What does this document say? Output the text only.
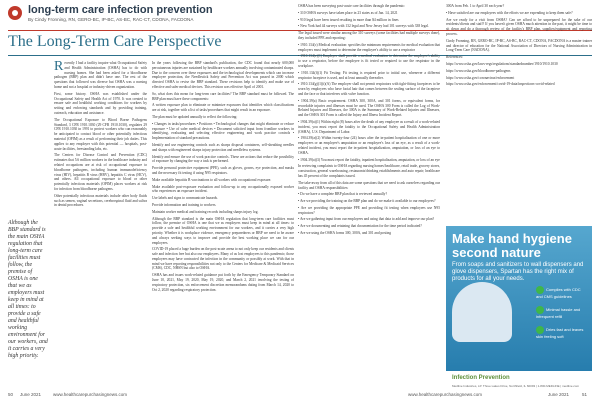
long-term care infection prevention
By Cindy Fronning, RN, GERO-BC, IP-BC, AS-BC, RAC-CT, CDONA, FACDONA
The Long-Term Care Perspective
Although the BBP standard is the main OSHA regulation that long-term care facilities must follow, the premise of OSHA is one that we as employers must keep in mind at all times: to provide a safe and healthful working environment for our workers, and it carries a very high priority.

Recently I had a facility inquire what Occupational Safety and Health Administration (OSHA) has to do with nursing homes. She had been asked for a bloodborne pathogen (BBP) plan and didn't have one. The rest of the questions that followed was diverse but OSHA was a nursing home and not a hospital or industry-driven organization.

First, some history. OSHA was established under the Occupational Safety and Health Act of 1970. It was created to ensure safe and healthful working conditions for workers by setting and enforcing standards and by providing training, outreach, education and assistance.

The Occupational Exposure to Blood Borne Pathogens Standard, 3 CFR 1910.1030 (29 CFR 1910.1030), regulates 29 CFR 1910.1030 in 1991 to protect workers who can reasonably be anticipated to contact blood or other potentially infectious material (OPIM) as a result of performing their job duties. This applies to any employer with this potential — hospitals, post-acute facilities, freestanding labs, etc.

The Centers for Disease Control and Prevention (CDC) estimates that 5.6 million workers in the healthcare industry and related occupations are at risk of occupational exposure to bloodborne pathogens, including human immunodeficiency virus (HIV), hepatitis B virus (HBV), hepatitis C virus (HCV), and others. All occupational exposure to blood or other potentially infectious materials (OPIM) places workers at risk for infection from bloodborne pathogens.

Other potentially infectious materials include other body fluids such as semen, vaginal secretions, cerebrospinal fluid and saliva in dental procedures.

In the years following the BBP standard's publication, the CDC found that nearly 600,000 percutaneous injuries are sustained by healthcare workers annually involving contaminated sharps. Due to the concern over these exposures and the technological developments which can increase employee protection, the Needlestick Safety and Prevention Act was passed in 2000 which directed OSHA to revise the BBP standard. These revisions help to identify and make use of effective and safer medical devices. This revision was effective April of 2001.

So, what does this mean for long-term care facilities? The BBP standard must be followed. The BBP plan must have these components:

A written exposure plan to eliminate or minimize exposures that identifies which classifications are at risk, together with a list of tasks/procedures that might result in an exposure.

The plan must be updated annually to reflect the following:

• Changes in tasks/procedures • Positions • Technological changes that might eliminate or reduce exposure • Use of safer medical devices • Document solicited input from frontline workers in identifying, evaluating and selecting effective engineering and work practice controls • Implementation of standard precautions.

Identify and use engineering controls such as sharps disposal containers, self-sheathing needles and sharps with engineered sharps injury protection and needleless systems.

Identify and ensure the use of work practice controls. These are actions that reduce the possibility of exposure by changing the way a task is performed.

Provide personal protective equipment (PPE), such as gloves, gowns, eye protection, and masks and the necessary fit testing if using N95 respirators.

Make available hepatitis B vaccinations to all workers with occupational exposure.

Make available post-exposure evaluation and follow-up to any occupationally exposed worker who experiences an exposure incident.

Use labels and signs to communicate hazards.

Provide information and training to workers.

Maintain worker medical and training records including sharps injury log.

Although the BBP standard is the main OSHA regulation that long-term care facilities must follow, the premise of OSHA is one that we as employers must keep in mind at all times: to provide a safe and healthful working environment for our workers, and it carries a very high priority. Whether it is workplace violence, emergency preparedness or BBP we need to be aware and always seeking ways to improve and provide the best working place we can for our employees.

COVID-19 placed a huge burden on the post-acute arena to not only keep our residents and clients safe and infection free but also our employees. Many of us lost employees to this pandemic; those employees may have contracted the infection in the community or possibly at work. With that in mind we have reporting responsibilities not only to the Centers for Medicare & Medicaid Services (CMS), CDC, NHSN but also to OSHA.

OSHA has and issues work-related guidance put forth by the Emergency Temporary Standard on June 10, 2021, May 19, 2020, May 19, 2020, and March 2, 2021 involving the testing of respiratory protection, six enforcement discretion memorandums dating from March 14, 2020 to Oct 2, 2020 regarding respiratory protection.

OSHA has been surveying post-acute care facilities through the pandemic:

• 310 OSHA surveys have taken place in 23 states as of Jan. 14, 2021

• 910 legal have been issued resulting in more than $4 million in fines

• New York had 44 surveys with 132 legal and New Jersey had 101 surveys with 338 legal.

The legal issued were similar among the 310 surveys (some facilities had multiple surveys done), they included PPE and reporting:

• 1910.134(c) Medical evaluation: specifies the minimum requirements for medical evaluation that employers must implement to determine the employee's ability to use a respirator

• 1910.134(e)(1) Employer shall provide a medical evaluation to determine the employee's ability to use a respirator, before the employee is fit tested or required to use the respirator in the workplace.

• 1910.134(f)(1) Fit Testing: Fit testing is required prior to initial use, whenever a different respirator facepiece is used, and at least annually thereafter.

• 1910.134(g)(1)(i)(A) The employer shall not permit respirators with tight-fitting facepieces to be worn by employees who have facial hair that comes between the sealing surface of the facepiece and the face or that interferes with valve function.

• 1904.39(a) Basic requirement. OSHA 300, 300A, and 301 forms, or equivalent forms, for recordable injuries and illnesses must be used. The OSHA 300 Form is called the Log of Work-Related Injuries and Illnesses, the 300A is the Summary of Work-Related Injuries and Illnesses, and the OSHA 301 Form is called the Injury and Illness Incident Report.

• 1904.39(a)(1) Within eight (8) hours after the death of any employee as a result of a work-related incident, you must report the fatality to the Occupational Safety and Health Administration (OSHA), U.S. Department of Labor.

• 1904.39(a)(2) Within twenty-four (24) hours after the in-patient hospitalization of one or more employees or an employee's amputation or an employee's loss of an eye, as a result of a work-related incident, you must report the in-patient hospitalization, amputation, or loss of an eye to OSHA.

• 1904.39(a)(3) You must report the fatality, inpatient hospitalization, amputation, or loss of an eye

In reviewing complaints to OSHA regarding nursing homes/healthcare, retail trade, grocery stores, construction, general warehousing, restaurants/drinking establishments and auto repair; healthcare has 45 percent of the complaints issued.

The take-away from all of this data are some questions that we need to ask ourselves regarding our facility and OSHA responsibilities:

• Do we have a complete BBP plan that is reviewed annually?

• Are we providing the training on the BBP plan and do we make it available to our employees?

• Are we providing the appropriate PPE and providing fit testing when employees use N95 respirators?

• Are we gathering input from our employees and using that data to add and improve our plan?

• Are we documenting and retaining that documentation for the time period indicated?

• Are we using the OSHA forms 300, 300A, and 301 and posting

300A from Feb. 1 to April 30 each year?

• Have satisfied are our employees with the efforts we are expending to keep them safe?

Are we ready for a visit from OSHA? Can we afford to be unprepared for the sake of our residents/clients and staff? If you haven't given OSHA much attention in the past, it might be time to sit down and do a thorough review of the facility's BBP plan, supplies/equipment and reporting process.

Cindy Fronning, RN, GERO-BC, IP-BC, AS-BC, RAC-CT, CDONA, FACDONA is a master trainer and director of education for the National Association of Directors of Nursing Administration in Long-Term Care (NADONA).

References:

https://www.osha.gov/laws-regs/regulations/standardnumber/1910/1910.1030

https://www.osha.gov/bloodborne-pathogens

https://www.osha.gov/coronavirus/enforcement

https://www.osha.gov/enforcement/covid-19-data/inspections-covid-related

Make hand hygiene second nature
From soaps and sanitizers to wall dispensers and glove dispensers, Spartan has the right mix of products for all your needs.
Complies with CDC and CMS guidelines
Minimal hassle and infrequent refill
Dries fast and leaves skin feeling soft
Infection Prevention
Medline Industries, LP. Three Lakes Drive, Northfield, IL 60093 | 1-800-MEDLINE | medline.com
50 June 2021	www.healthcarepurchasingnews.com	www.healthcarepurchasingnews.com	June 2021	51
